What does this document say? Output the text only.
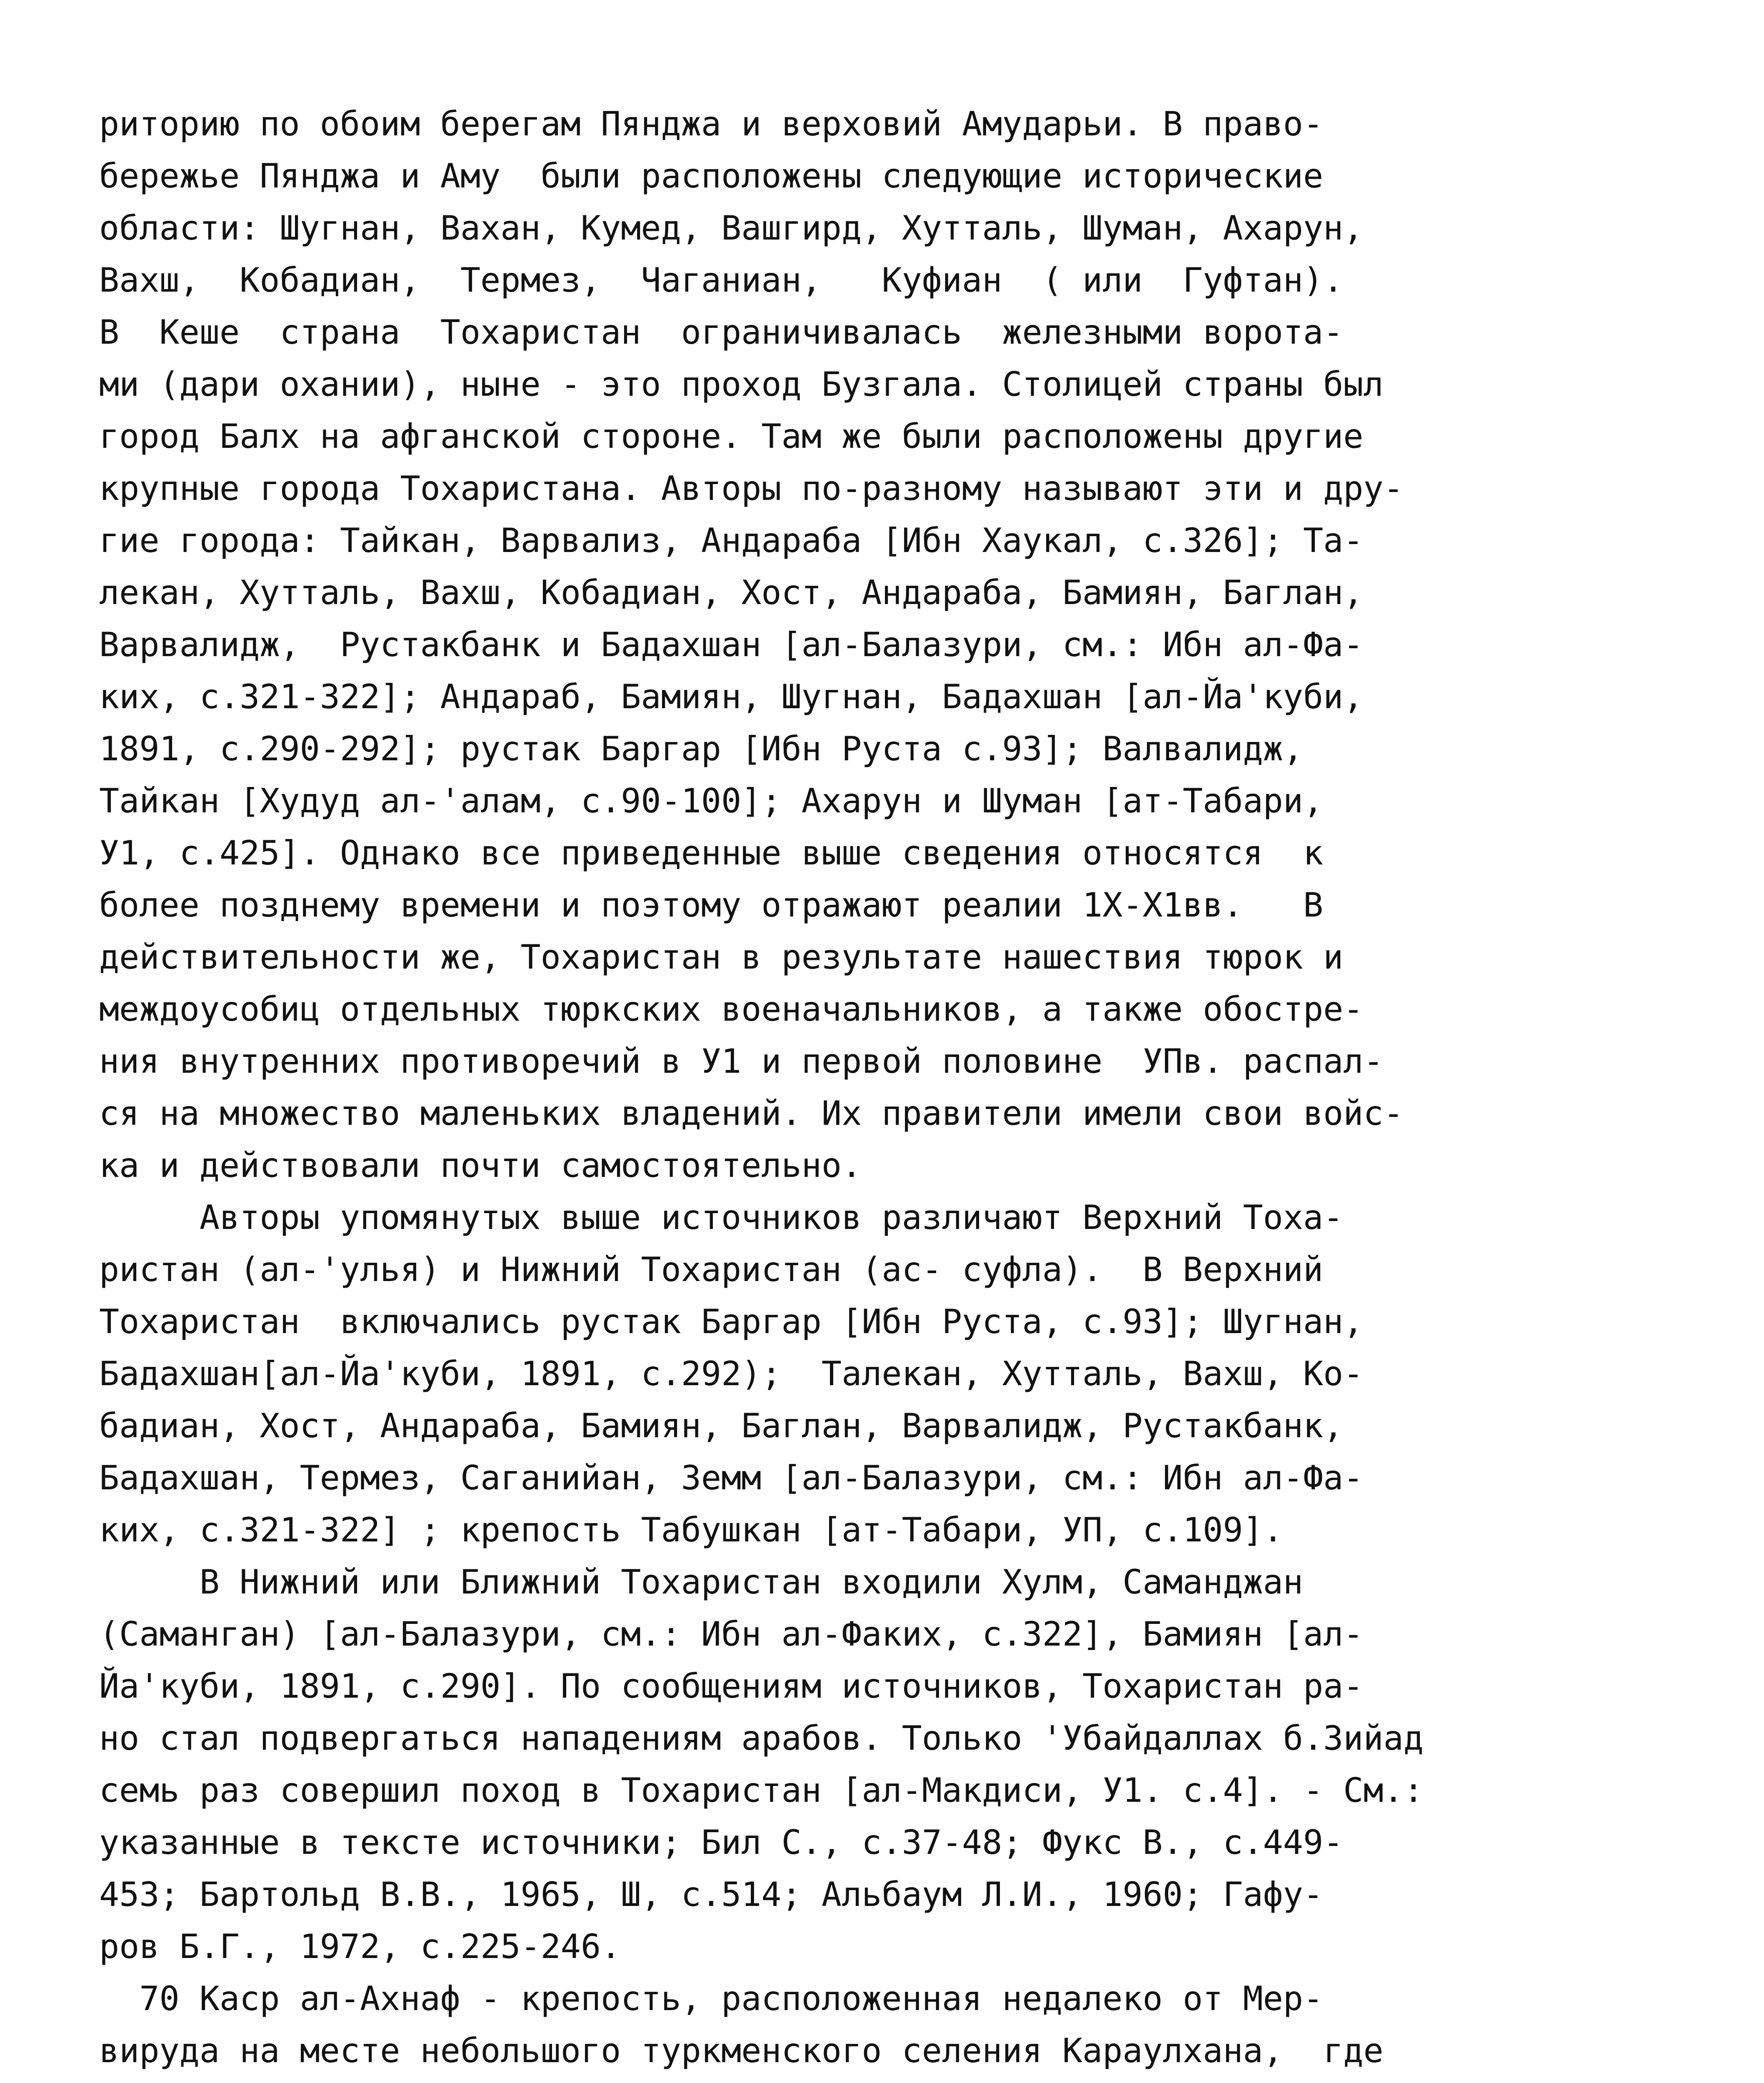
риторию по обоим берегам Пянджа и верховий Амударьи. В право-
бережье Пянджа и Аму  были расположены следующие исторические
области: Шугнан, Вахан, Кумед, Вашгирд, Хутталь, Шуман, Ахарун,
Вахш,  Кобадиан,  Термез,  Чаганиан,   Куфиан  ( или  Гуфтан).
В  Кеше  страна  Тохаристан  ограничивалась  железными ворота-
ми (дари охании), ныне - это проход Бузгала. Столицей страны был
город Балх на афганской стороне. Там же были расположены другие
крупные города Тохаристана. Авторы по-разному называют эти и дру-
гие города: Тайкан, Варвализ, Андараба [Ибн Хаукал, с.326]; Та-
лекан, Хутталь, Вахш, Кобадиан, Хост, Андараба, Бамиян, Баглан,
Варвалидж,  Рустакбанк и Бадахшан [ал-Балазури, см.: Ибн ал-Фа-
ких, с.321-322]; Андараб, Бамиян, Шугнан, Бадахшан [ал-Йа'куби,
1891, с.290-292]; рустак Баргар [Ибн Руста с.93]; Валвалидж,
Тайкан [Худуд ал-'алам, с.90-100]; Ахарун и Шуман [ат-Табари,
У1, с.425]. Однако все приведенные выше сведения относятся  к
более позднему времени и поэтому отражают реалии 1Х-Х1вв.   В
действительности же, Тохаристан в результате нашествия тюрок и
междоусобиц отдельных тюркских военачальников, а также обостре-
ния внутренних противоречий в У1 и первой половине  УПв. распал-
ся на множество маленьких владений. Их правители имели свои войс-
ка и действовали почти самостоятельно.
Авторы упомянутых выше источников различают Верхний Тоха-
ристан (ал-'улья) и Нижний Тохаристан (ас- суфла).  В Верхний
Тохаристан  включались рустак Баргар [Ибн Руста, с.93]; Шугнан,
Бадахшан[ал-Йа'куби, 1891, с.292);  Талекан, Хутталь, Вахш, Ко-
бадиан, Хост, Андараба, Бамиян, Баглан, Варвалидж, Рустакбанк,
Бадахшан, Термез, Саганийан, Земм [ал-Балазури, см.: Ибн ал-Фа-
ких, с.321-322] ; крепость Табушкан [ат-Табари, УП, с.109].
В Нижний или Ближний Тохаристан входили Хулм, Саманджан
(Саманган) [ал-Балазури, см.: Ибн ал-Факих, с.322], Бамиян [ал-
Йа'куби, 1891, с.290]. По сообщениям источников, Тохаристан ра-
но стал подвергаться нападениям арабов. Только 'Убайдаллах б.Зийад
семь раз совершил поход в Тохаристан [ал-Макдиси, У1. с.4]. - См.:
указанные в тексте источники; Бил С., с.37-48; Фукс В., с.449-
453; Бартольд В.В., 1965, Ш, с.514; Альбаум Л.И., 1960; Гафу-
ров Б.Г., 1972, с.225-246.
70 Каср ал-Ахнаф - крепость, расположенная недалеко от Мер-
вируда на месте небольшого туркменского селения Караулхана,  где
